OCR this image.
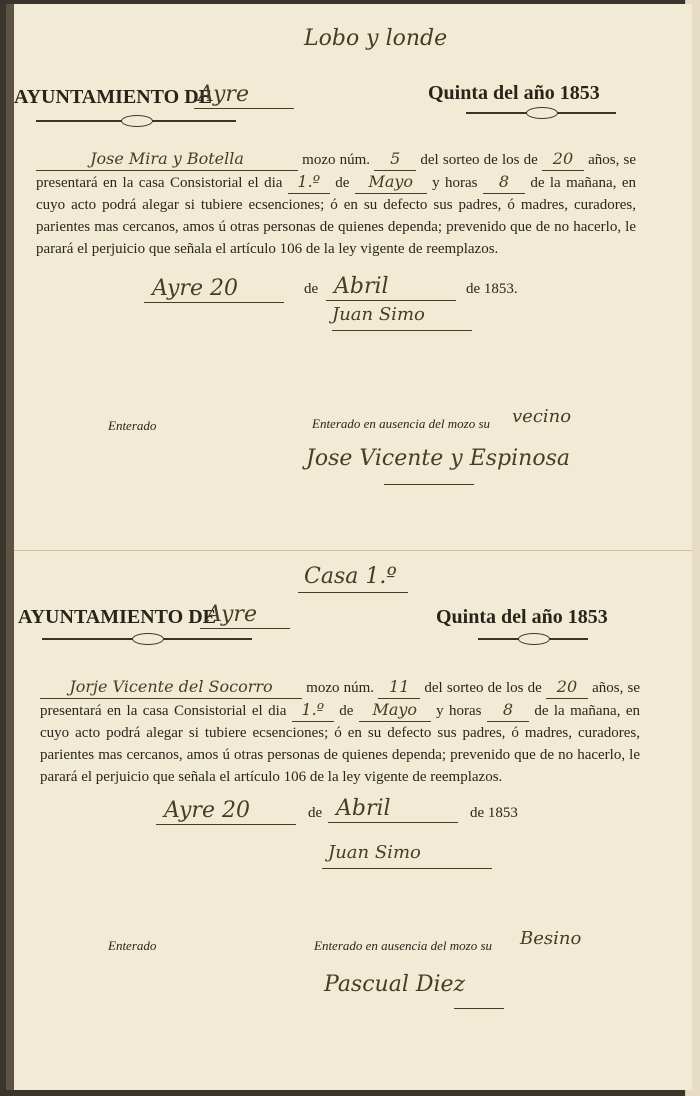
Lobo y londe
AYUNTAMIENTO DE
Ayre	Quinta del año 1853
Jose Mira y Botella	mozo núm. 5 del sorteo de los de 20 años, se presentará en la casa Consistorial el dia 1.º de Mayo y horas 8 de la mañana, en cuyo acto podrá alegar si tubiere ecsenciones; ó en su defecto sus padres, ó madres, curadores, parientes mas cercanos, amos ú otras personas de quienes dependa; prevenido que de no hacerlo, le parará el perjuicio que señala el artículo 106 de la ley vigente de reemplazos.
Ayre 20	de Abril	de 1853.
Juan Simo
Enterado	Enterado en ausencia del mozo su vecino
Jose Vicente y Espinosa
Casa 1.º
AYUNTAMIENTO DE
Ayre	Quinta del año 1853
Jorje Vicente del Socorro mozo núm. 11 del sorteo de los de 20 años, se presentará en la casa Consistorial el dia 1.º de Mayo y horas 8 de la mañana, en cuyo acto podrá alegar si tubiere ecsenciones; ó en su defecto sus padres, ó madres, curadores, parientes mas cercanos, amos ú otras personas de quienes dependa; prevenido que de no hacerlo, le parará el perjuicio que señala el artículo 106 de la ley vigente de reemplazos.
Ayre 20	de Abril	de 1853
Juan Simo
Enterado	Enterado en ausencia del mozo su Besino
Pascual Diez
